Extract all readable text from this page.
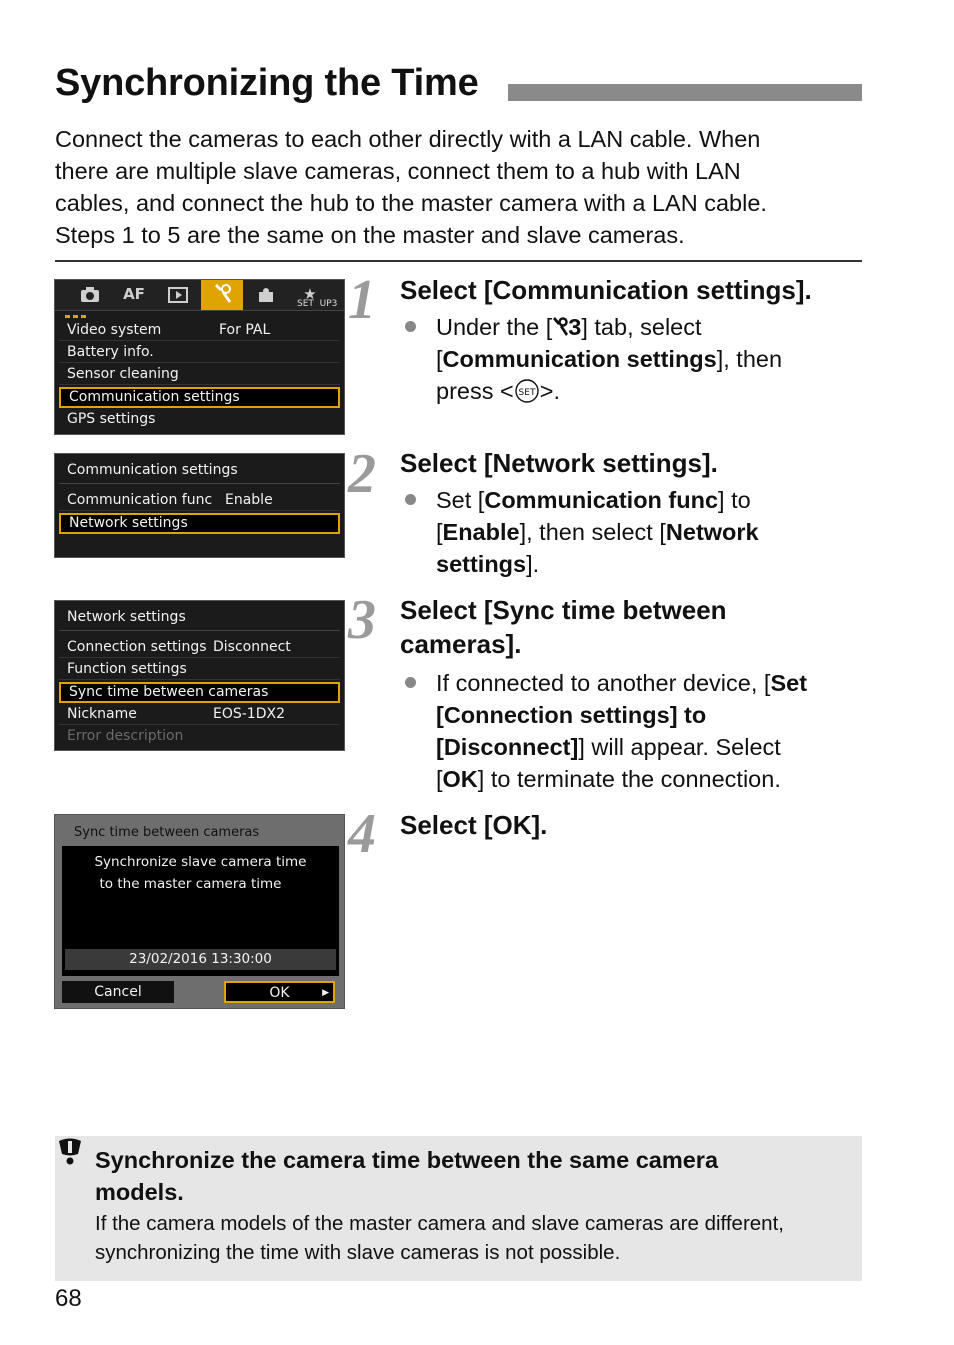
Synchronizing the Time

Connect the cameras to each other directly with a LAN cable. When
there are multiple slave cameras, connect them to a hub with LAN
cables, and connect the hub to the master camera with a LAN cable.
Steps 1 to 5 are the same on the master and slave cameras.

AF	★
SET  UP3
Video system	For PAL
Battery info.
Sensor cleaning
Communication settings
GPS settings
Communication settings
Communication func Enable
Network settings
Network settings
Connection settings Disconnect
Function settings
Sync time between cameras
Nickname	EOS-1DX2
Error description
Sync time between cameras
Synchronize slave camera time
to the master camera time
23/02/2016 13:30:00
Cancel	OK	▶
1 Select [Communication settings].
Under the [ 3] tab, select
[Communication settings], then
press < SET >.
2 Select [Network settings].
Set [Communication func] to
[Enable], then select [Network
settings].
3 Select [Sync time between
cameras].
If connected to another device, [Set
[Connection settings] to
[Disconnect]] will appear. Select
[OK] to terminate the connection.
4 Select [OK].
Synchronize the camera time between the same camera
models.
If the camera models of the master camera and slave cameras are different,
synchronizing the time with slave cameras is not possible.
68
